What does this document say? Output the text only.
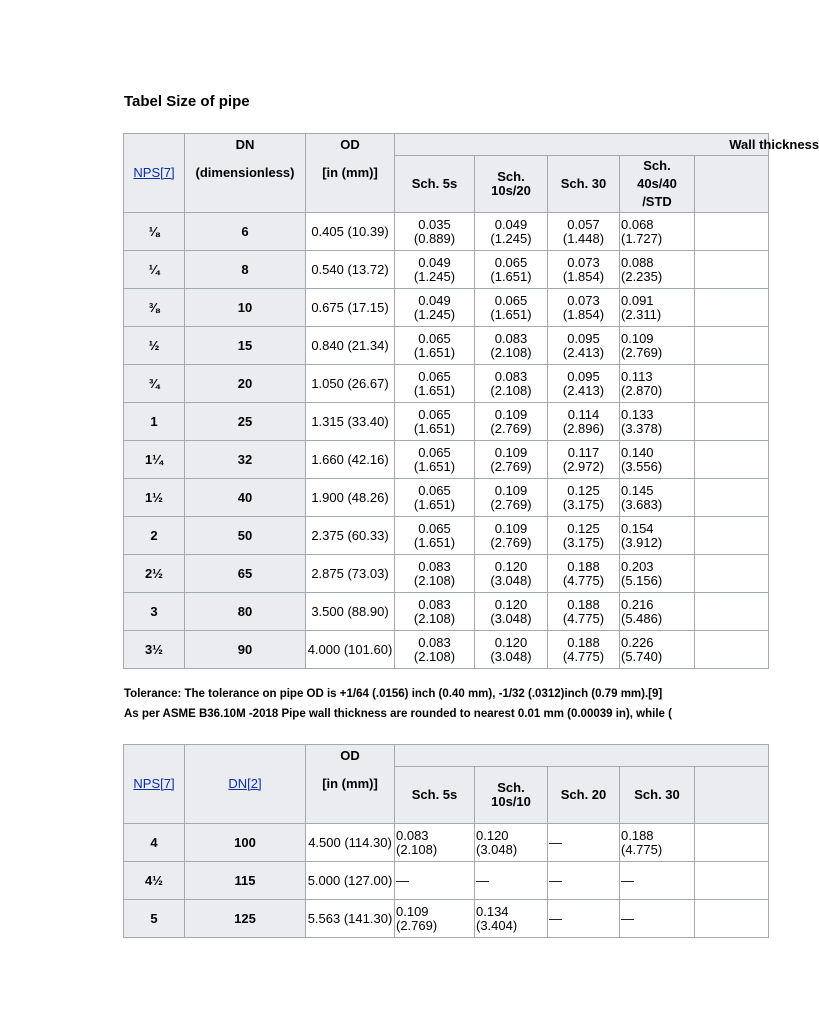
Tabel Size of pipe
NPS[7]	DN	OD	Wall thickness				
	(dimensionless)	[in (mm)]	Sch. 5s	Sch.
10s/20	Sch. 30	Sch.
40s/40
/STD	
⅛	6	0.405 (10.39)	0.035 (0.889)	0.049 (1.245)	0.057 (1.448)	0.068 (1.727)	
¼	8	0.540 (13.72)	0.049 (1.245)	0.065 (1.651)	0.073 (1.854)	0.088 (2.235)	
⅜	10	0.675 (17.15)	0.049 (1.245)	0.065 (1.651)	0.073 (1.854)	0.091 (2.311)	
½	15	0.840 (21.34)	0.065 (1.651)	0.083 (2.108)	0.095 (2.413)	0.109 (2.769)	
¾	20	1.050 (26.67)	0.065 (1.651)	0.083 (2.108)	0.095 (2.413)	0.113 (2.870)	
1	25	1.315 (33.40)	0.065 (1.651)	0.109 (2.769)	0.114 (2.896)	0.133 (3.378)	
1¼	32	1.660 (42.16)	0.065 (1.651)	0.109 (2.769)	0.117 (2.972)	0.140 (3.556)	
1½	40	1.900 (48.26)	0.065 (1.651)	0.109 (2.769)	0.125 (3.175)	0.145 (3.683)	
2	50	2.375 (60.33)	0.065 (1.651)	0.109 (2.769)	0.125 (3.175)	0.154 (3.912)	
2½	65	2.875 (73.03)	0.083 (2.108)	0.120 (3.048)	0.188 (4.775)	0.203 (5.156)	
3	80	3.500 (88.90)	0.083 (2.108)	0.120 (3.048)	0.188 (4.775)	0.216 (5.486)	
3½	90	4.000 (101.60)	0.083 (2.108)	0.120 (3.048)	0.188 (4.775)	0.226 (5.740)	
Tolerance: The tolerance on pipe OD is +1/64 (.0156) inch (0.40 mm), -1/32 (.0312)inch (0.79 mm).[9]
As per ASME B36.10M -2018 Pipe wall thickness are rounded to nearest 0.01 mm (0.00039 in), while (
NPS[7]	DN[2]	OD					
		[in (mm)]	Sch. 5s	Sch.
10s/10	Sch. 20	Sch. 30	
4	100	4.500 (114.30)	0.083 (2.108)	0.120 (3.048)	—	0.188 (4.775)	
4½	115	5.000 (127.00)	—	—	—	—	
5	125	5.563 (141.30)	0.109 (2.769)	0.134 (3.404)	—	—	
